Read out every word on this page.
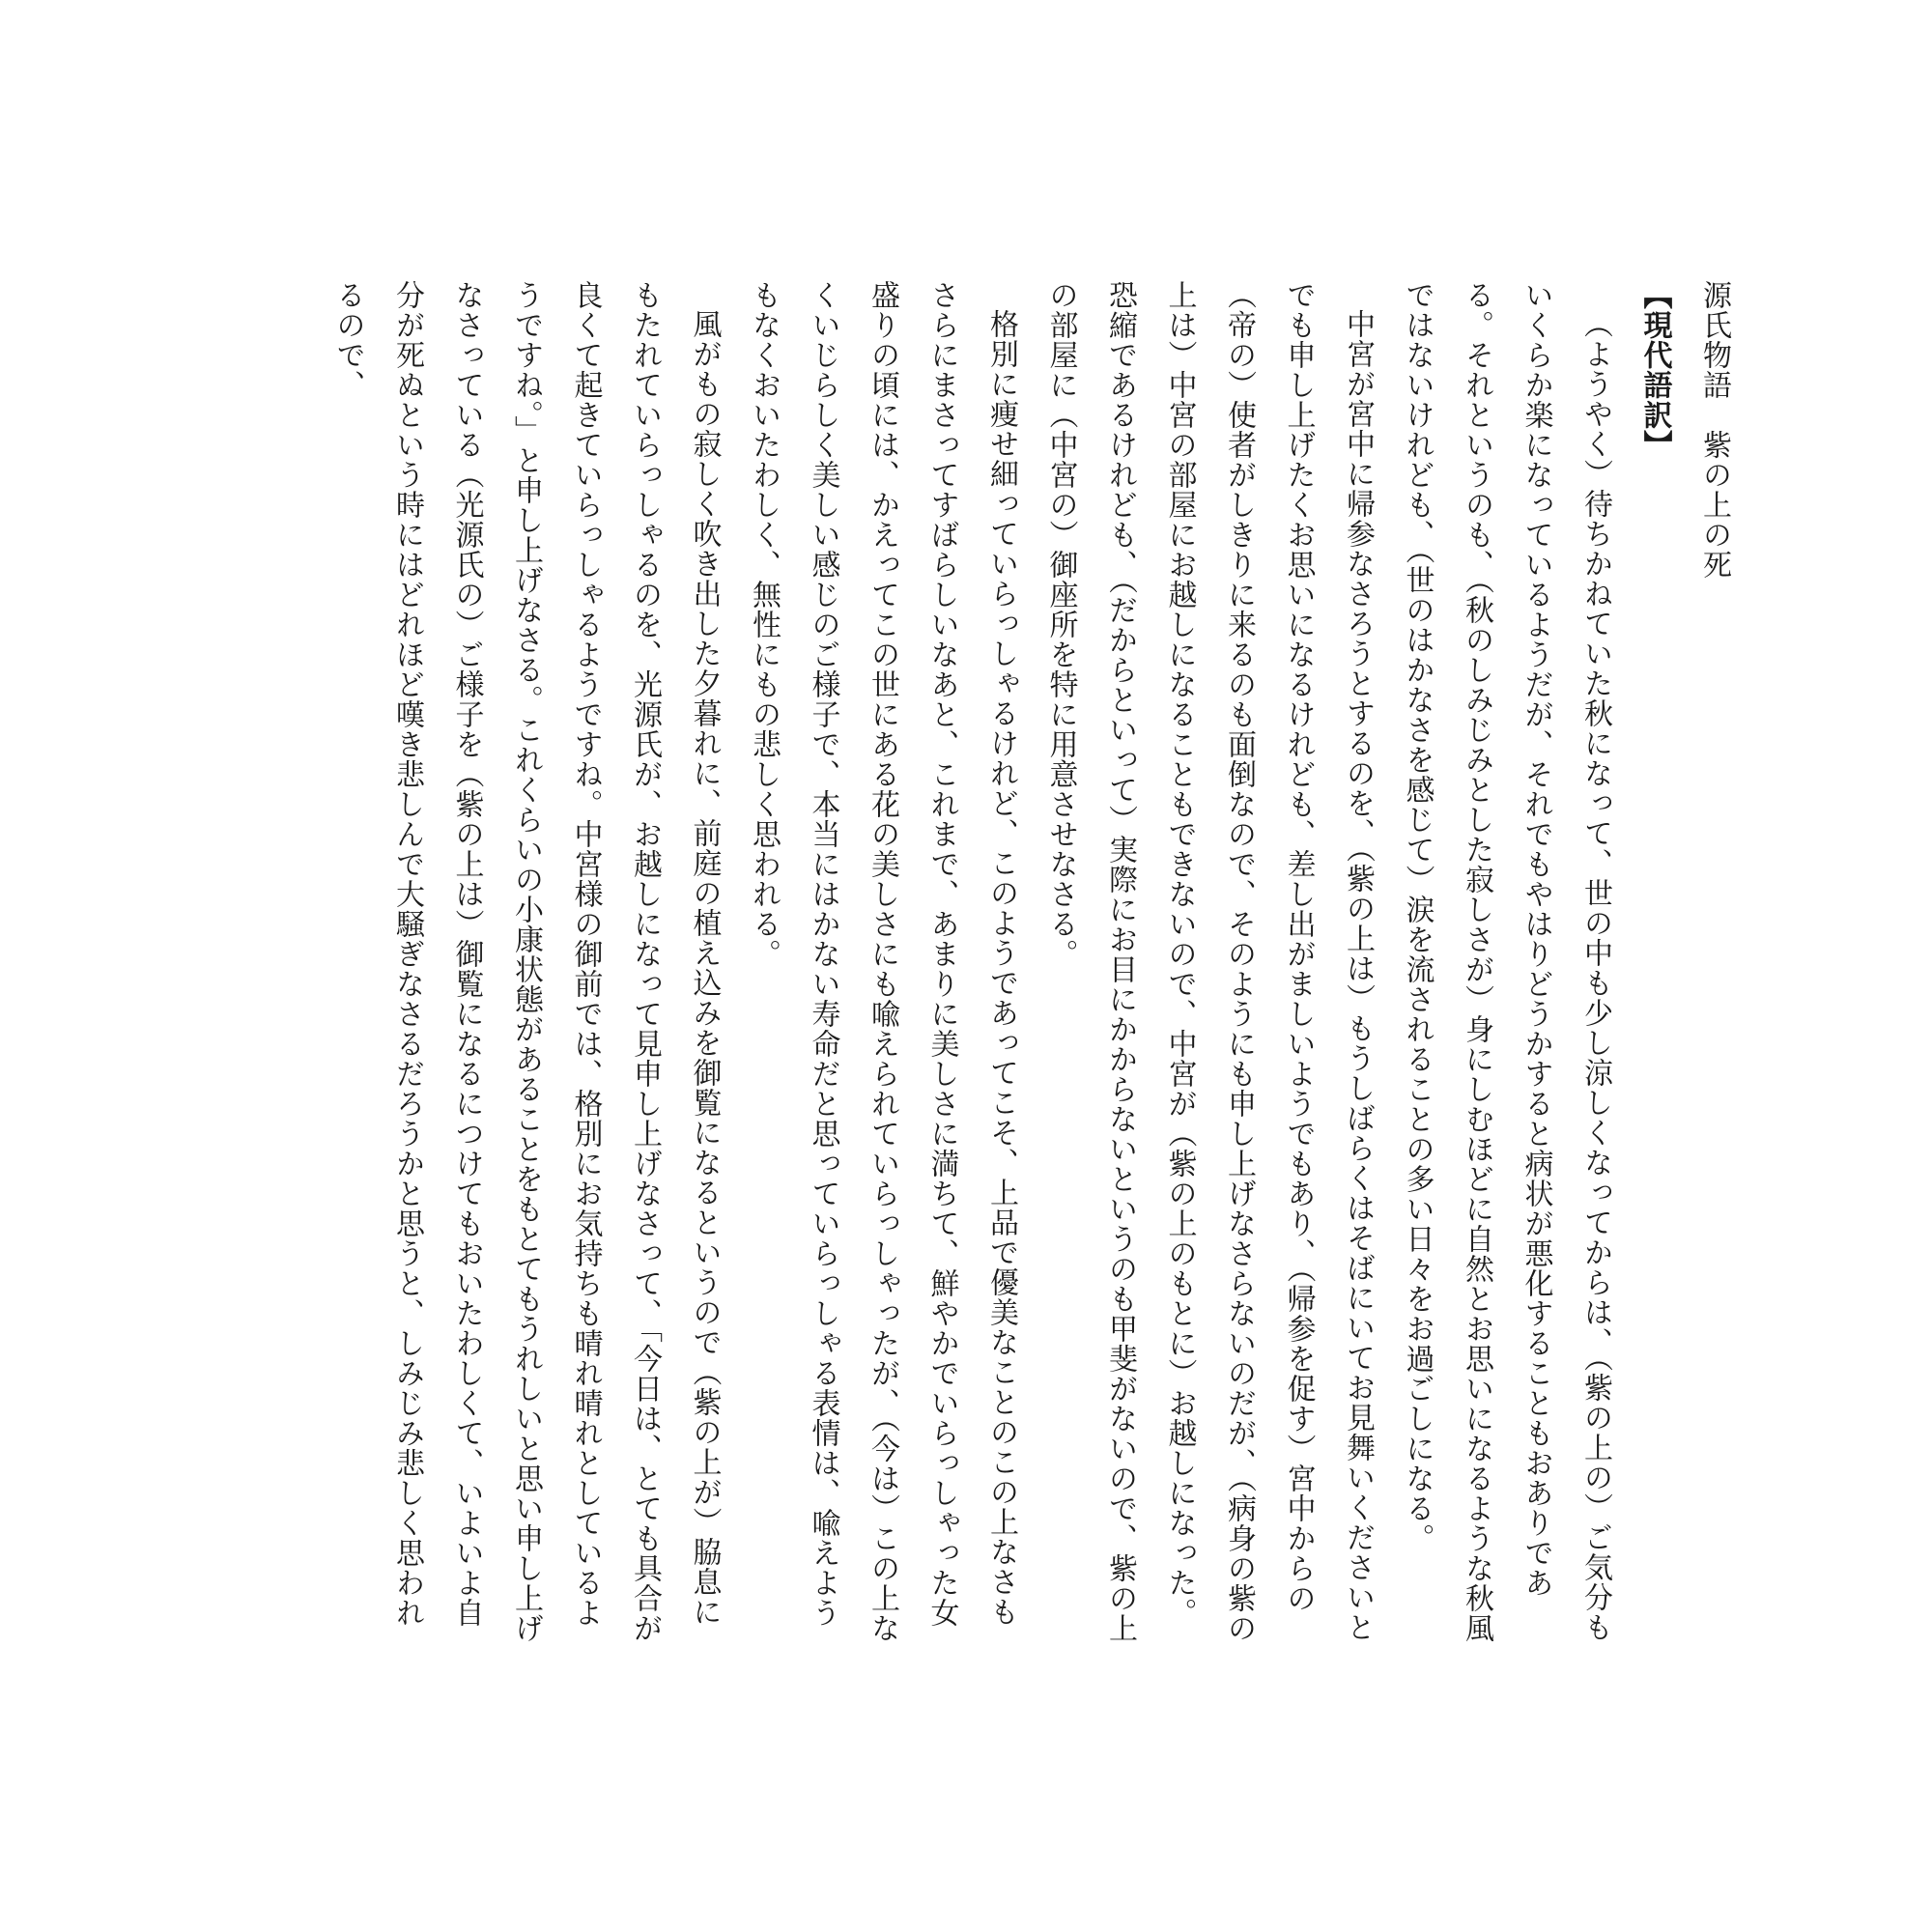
源氏物語　紫の上の死

【現代語訳】

（ようやく）待ちかねていた秋になって、世の中も少し涼しくなってからは、（紫の上の）ご気分もいくらか楽になっているようだが、それでもやはりどうかすると病状が悪化することもおありである。それというのも、（秋のしみじみとした寂しさが）身にしむほどに自然とお思いになるような秋風ではないけれども、（世のはかなさを感じて）涙を流されることの多い日々をお過ごしになる。

中宮が宮中に帰参なさろうとするのを、（紫の上は）もうしばらくはそばにいてお見舞いくださいとでも申し上げたくお思いになるけれども、差し出がましいようでもあり、（帰参を促す）宮中からの（帝の）使者がしきりに来るのも面倒なので、そのようにも申し上げなさらないのだが、（病身の紫の上は）中宮の部屋にお越しになることもできないので、中宮が（紫の上のもとに）お越しになった。恐縮であるけれども、（だからといって）実際にお目にかからないというのも甲斐がないので、紫の上の部屋に（中宮の）御座所を特に用意させなさる。

格別に痩せ細っていらっしゃるけれど、このようであってこそ、上品で優美なことのこの上なさもさらにまさってすばらしいなあと、これまで、あまりに美しさに満ちて、鮮やかでいらっしゃった女盛りの頃には、かえってこの世にある花の美しさにも喩えられていらっしゃったが、（今は）この上なくいじらしく美しい感じのご様子で、本当にはかない寿命だと思っていらっしゃる表情は、喩えようもなくおいたわしく、無性にもの悲しく思われる。

風がもの寂しく吹き出した夕暮れに、前庭の植え込みを御覧になるというので（紫の上が）脇息にもたれていらっしゃるのを、光源氏が、お越しになって見申し上げなさって、「今日は、とても具合が良くて起きていらっしゃるようですね。中宮様の御前では、格別にお気持ちも晴れ晴れとしているようですね。」と申し上げなさる。これくらいの小康状態があることをもとてもうれしいと思い申し上げなさっている（光源氏の）ご様子を（紫の上は）御覧になるにつけてもおいたわしくて、いよいよ自分が死ぬという時にはどれほど嘆き悲しんで大騒ぎなさるだろうかと思うと、しみじみ悲しく思われるので、
